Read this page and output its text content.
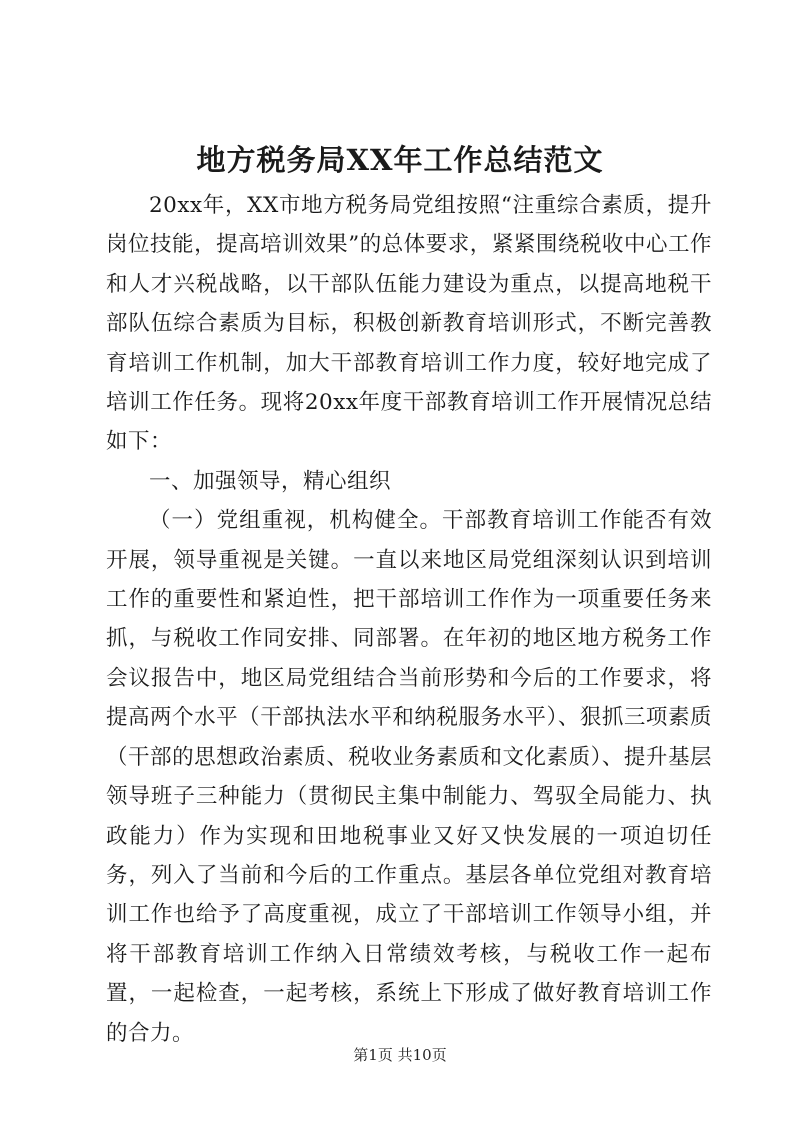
地方税务局XX年工作总结范文

20xx年，XX市地方税务局党组按照“注重综合素质，提升岗位技能，提高培训效果”的总体要求，紧紧围绕税收中心工作和人才兴税战略，以干部队伍能力建设为重点，以提高地税干部队伍综合素质为目标，积极创新教育培训形式，不断完善教育培训工作机制，加大干部教育培训工作力度，较好地完成了培训工作任务。现将20xx年度干部教育培训工作开展情况总结如下：

一、加强领导，精心组织

（一）党组重视，机构健全。干部教育培训工作能否有效开展，领导重视是关键。一直以来地区局党组深刻认识到培训工作的重要性和紧迫性，把干部培训工作作为一项重要任务来抓，与税收工作同安排、同部署。在年初的地区地方税务工作会议报告中，地区局党组结合当前形势和今后的工作要求，将提高两个水平（干部执法水平和纳税服务水平）、狠抓三项素质（干部的思想政治素质、税收业务素质和文化素质）、提升基层领导班子三种能力（贯彻民主集中制能力、驾驭全局能力、执政能力）作为实现和田地税事业又好又快发展的一项迫切任务，列入了当前和今后的工作重点。基层各单位党组对教育培训工作也给予了高度重视，成立了干部培训工作领导小组，并将干部教育培训工作纳入日常绩效考核，与税收工作一起布置，一起检查，一起考核，系统上下形成了做好教育培训工作的合力。

第1页 共10页
